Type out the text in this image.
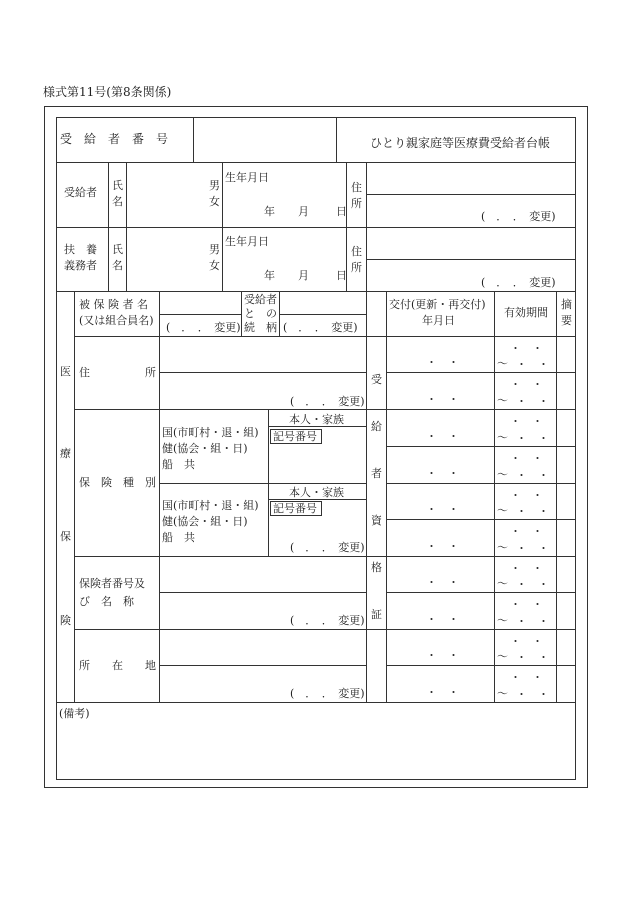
様式第11号(第8条関係)
受　給　者　番　号	ひとり親家庭等医療費受給者台帳
受給者
氏
名
男
女
生年月日
年 月 日
住
所
(　．　．　変更)
扶　養
義務者
氏
名
男
女
生年月日
年 月 日
住
所
(　．　．　変更)
医
療
保
険
被 保 険 者 名
(又は組合員名)
(　．　．　変更)
受給者
と　の
続　柄 (　．　．　変更)
住　　　　　所
(　．　．　変更)
保　険　種　別
国(市町村・退・組)
健(協会・組・日)
船　共
本人・家族
記号番号
国(市町村・退・組)
健(協会・組・日)
船　共
本人・家族
記号番号
(　．　．　変更)
保険者番号及
び　名　称
(　．　．　変更)
所　　在　　地
(　．　．　変更)
交付(更新・再交付)
年月日
有効期間
摘
要
受
給
者
資
格
証
・　・
・　・
～ ・　・
・　・
・　・
～ ・　・
・　・
・　・
～ ・　・
・　・
・　・
～ ・　・
・　・
・　・
～ ・　・
・　・
・　・
～ ・　・
・　・
・　・
～ ・　・
・　・
・　・
～ ・　・
・　・
・　・
～ ・　・
・　・
・　・
～ ・　・
(備考)
